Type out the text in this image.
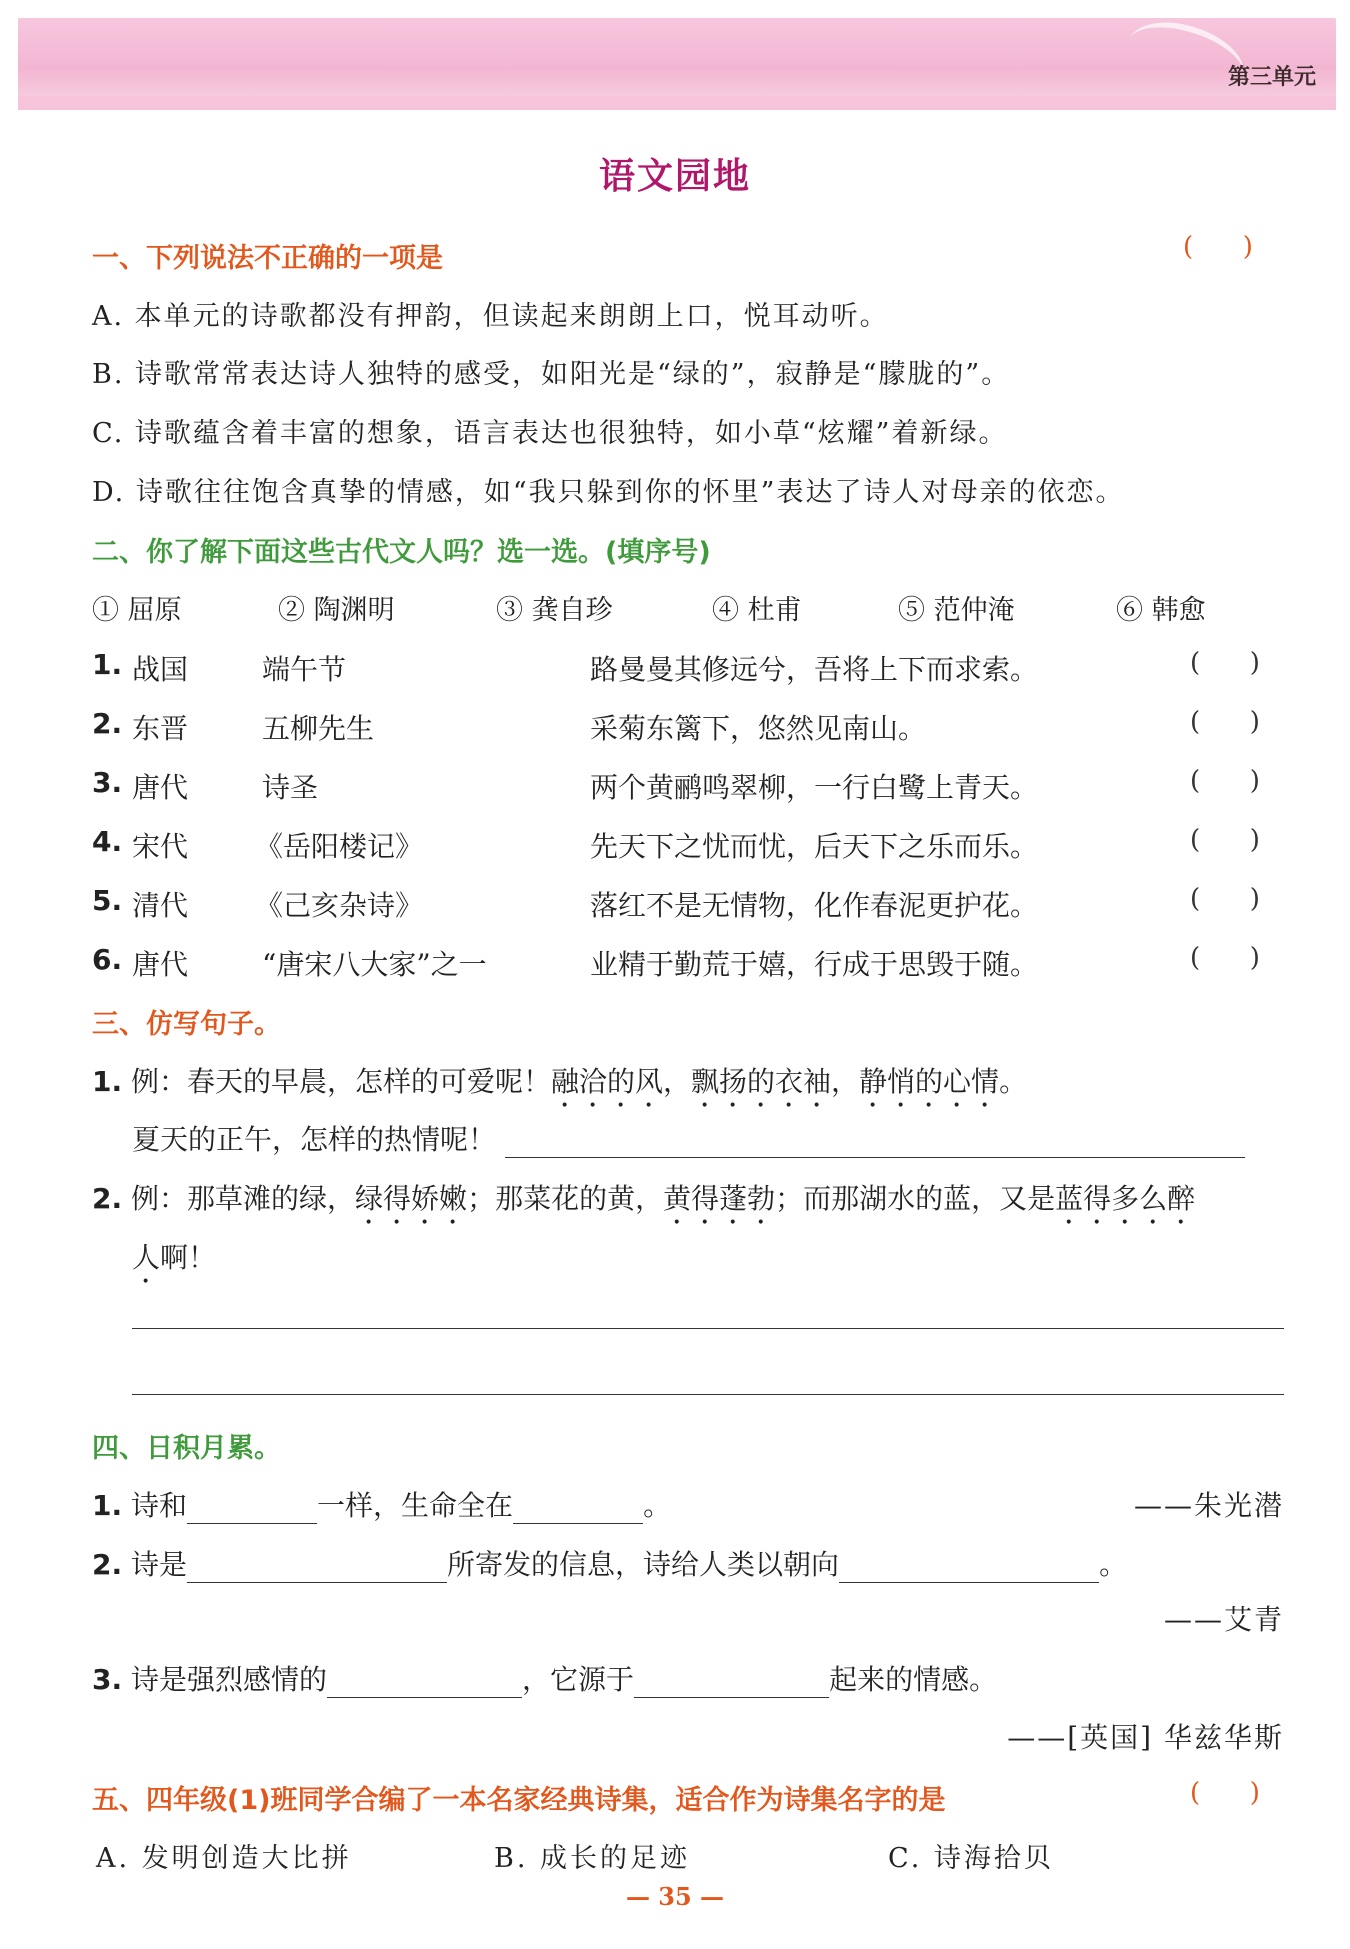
第三单元
语文园地
一、下列说法不正确的一项是	(      )
A. 本单元的诗歌都没有押韵，但读起来朗朗上口，悦耳动听。
B. 诗歌常常表达诗人独特的感受，如阳光是“绿的”，寂静是“朦胧的”。
C. 诗歌蕴含着丰富的想象，语言表达也很独特，如小草“炫耀”着新绿。
D. 诗歌往往饱含真挚的情感，如“我只躲到你的怀里”表达了诗人对母亲的依恋。
二、你了解下面这些古代文人吗？选一选。(填序号)
① 屈原	② 陶渊明	③ 龚自珍	④ 杜甫	⑤ 范仲淹	⑥ 韩愈
1. 战国	端午节	路曼曼其修远兮，吾将上下而求索。	(      )
2. 东晋	五柳先生	采菊东篱下，悠然见南山。	(      )
3. 唐代	诗圣	两个黄鹂鸣翠柳，一行白鹭上青天。	(      )
4. 宋代 《岳阳楼记》	先天下之忧而忧，后天下之乐而乐。	(      )
5. 清代 《己亥杂诗》	落红不是无情物，化作春泥更护花。	(      )
6. 唐代	“唐宋八大家”之一	业精于勤荒于嬉，行成于思毁于随。	(      )
三、仿写句子。
1. 例：春天的早晨，怎样的可爱呢！融洽的风，飘扬的衣袖，静悄的心情。
夏天的正午，怎样的热情呢！
2. 例：那草滩的绿，绿得娇嫩；那菜花的黄，黄得蓬勃；而那湖水的蓝，又是蓝得多么醉
人啊！
四、日积月累。
1. 诗和	一样，生命全在	。	——朱光潜
2. 诗是	所寄发的信息，诗给人类以朝向	。
——艾青
3. 诗是强烈感情的	，它源于	起来的情感。
——[英国] 华兹华斯
五、四年级(1)班同学合编了一本名家经典诗集，适合作为诗集名字的是	(      )
A. 发明创造大比拼	B. 成长的足迹	C. 诗海拾贝
— 35 —
